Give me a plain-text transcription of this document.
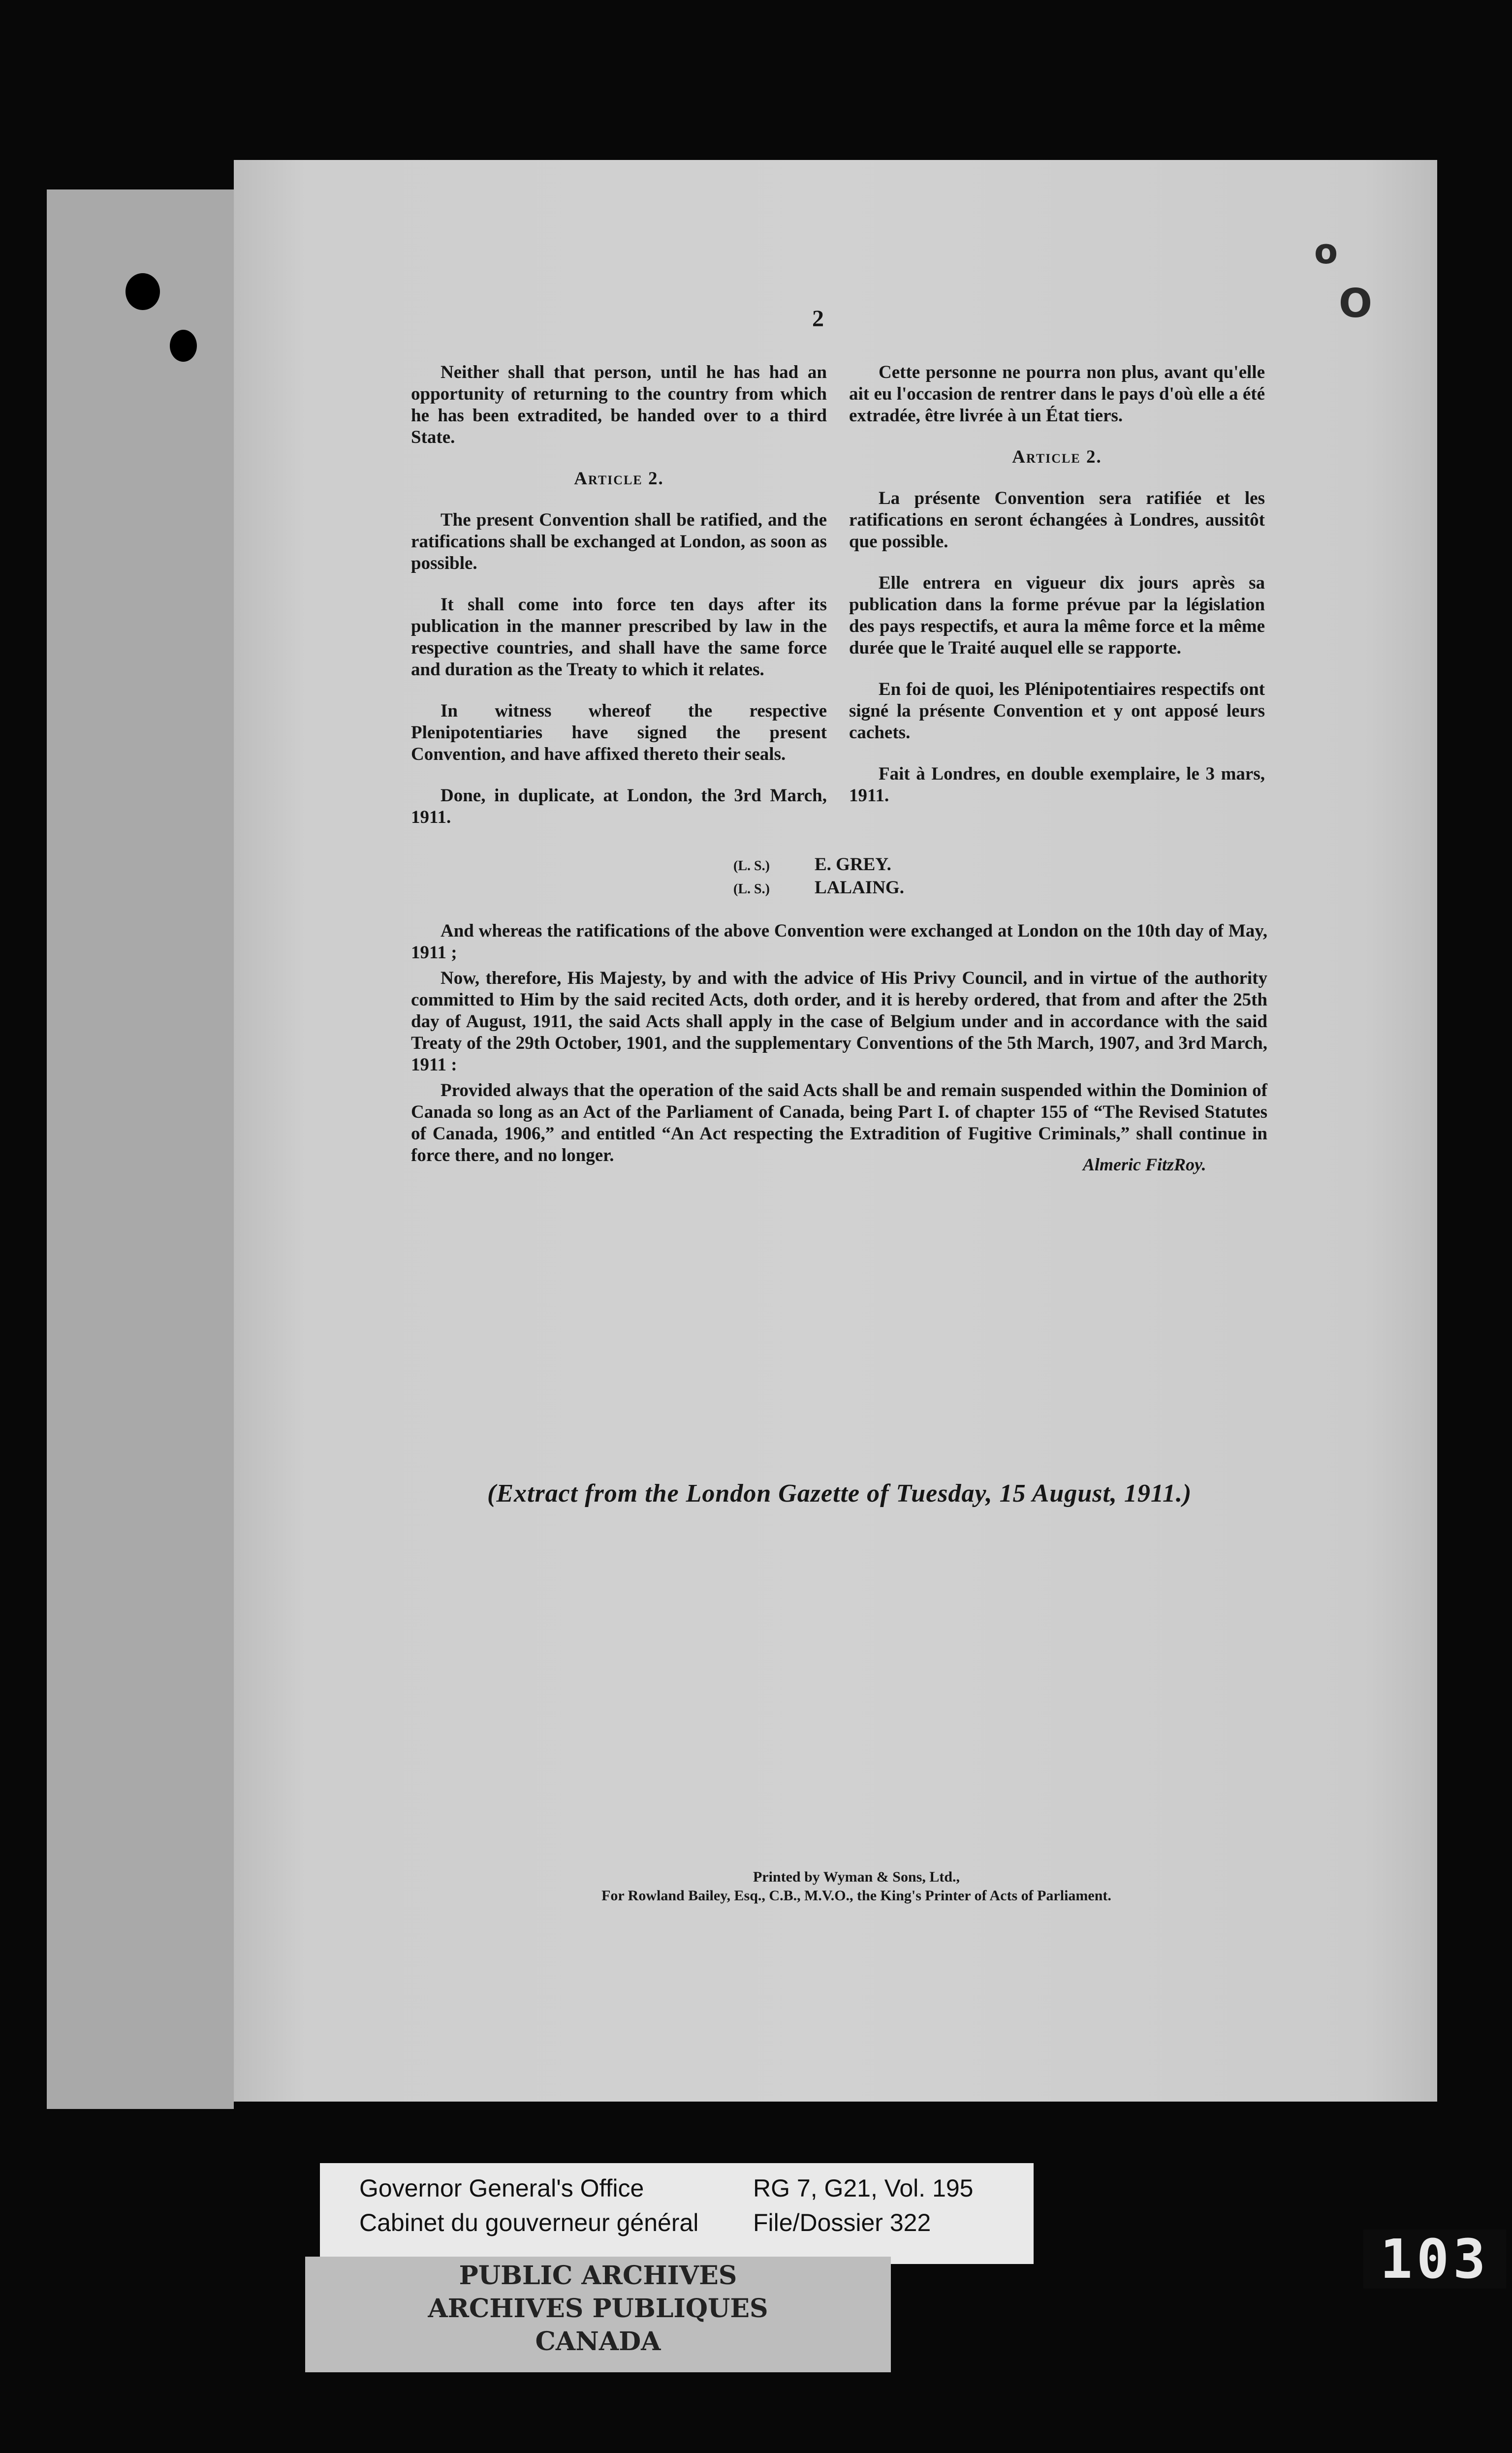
o
O
2

Neither shall that person, until he has had an opportunity of returning to the country from which he has been extradited, be handed over to a third State.

Article 2.

The present Convention shall be ratified, and the ratifications shall be exchanged at London, as soon as possible.

It shall come into force ten days after its publication in the manner prescribed by law in the respective countries, and shall have the same force and duration as the Treaty to which it relates.

In witness whereof the respective Plenipotentiaries have signed the present Convention, and have affixed thereto their seals.

Done, in duplicate, at London, the 3rd March, 1911.

Cette personne ne pourra non plus, avant qu'elle ait eu l'occasion de rentrer dans le pays d'où elle a été extradée, être livrée à un État tiers.

Article 2.

La présente Convention sera ratifiée et les ratifications en seront échangées à Londres, aussitôt que possible.

Elle entrera en vigueur dix jours après sa publication dans la forme prévue par la législation des pays respectifs, et aura la même force et la même durée que le Traité auquel elle se rapporte.

En foi de quoi, les Plénipotentiaires respectifs ont signé la présente Convention et y ont apposé leurs cachets.

Fait à Londres, en double exemplaire, le 3 mars, 1911.

(L. S.) E. GREY.
(L. S.) LALAING.

And whereas the ratifications of the above Convention were exchanged at London on the 10th day of May, 1911 ;

Now, therefore, His Majesty, by and with the advice of His Privy Council, and in virtue of the authority committed to Him by the said recited Acts, doth order, and it is hereby ordered, that from and after the 25th day of August, 1911, the said Acts shall apply in the case of Belgium under and in accordance with the said Treaty of the 29th October, 1901, and the supplementary Conventions of the 5th March, 1907, and 3rd March, 1911 :

Provided always that the operation of the said Acts shall be and remain suspended within the Dominion of Canada so long as an Act of the Parliament of Canada, being Part I. of chapter 155 of “The Revised Statutes of Canada, 1906,” and entitled “An Act respecting the Extradition of Fugitive Criminals,” shall continue in force there, and no longer.	Almeric FitzRoy.
(Extract from the London Gazette of Tuesday, 15 August, 1911.)
Printed by Wyman & Sons, Ltd.,
For Rowland Bailey, Esq., C.B., M.V.O., the King's Printer of Acts of Parliament.
Governor General's Office
Cabinet du gouverneur général
RG 7, G21, Vol. 195
File/Dossier 322
PUBLIC ARCHIVES
ARCHIVES PUBLIQUES
CANADA
103
